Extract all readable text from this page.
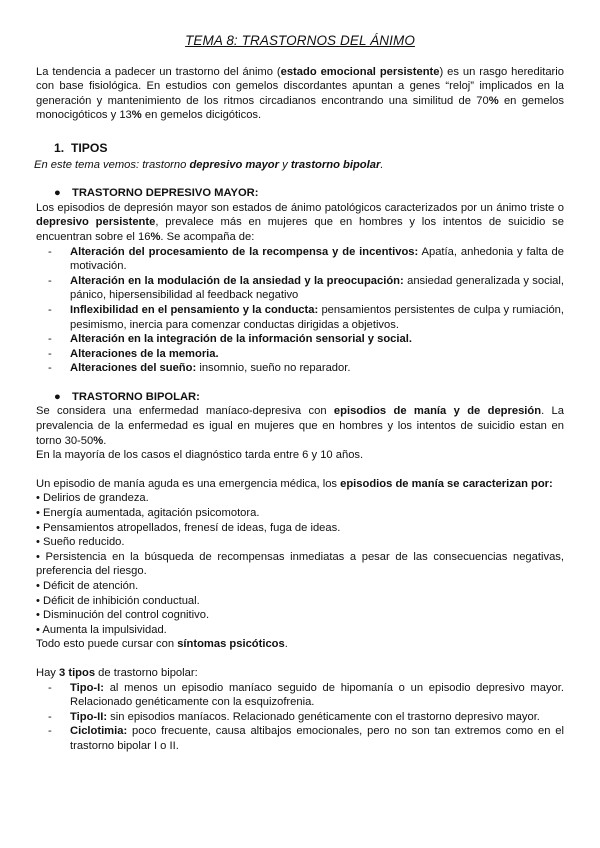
TEMA 8: TRASTORNOS DEL ÁNIMO

La tendencia a padecer un trastorno del ánimo (estado emocional persistente) es un rasgo hereditario con base fisiológica. En estudios con gemelos discordantes apuntan a genes “reloj” implicados en la generación y mantenimiento de los ritmos circadianos encontrando una similitud de 70% en gemelos monocigóticos y 13% en gemelos dicigóticos.

1. TIPOS

En este tema vemos: trastorno depresivo mayor y trastorno bipolar.

● TRASTORNO DEPRESIVO MAYOR:

Los episodios de depresión mayor son estados de ánimo patológicos caracterizados por un ánimo triste o depresivo persistente, prevalece más en mujeres que en hombres y los intentos de suicidio se encuentran sobre el 16%. Se acompaña de:

- Alteración del procesamiento de la recompensa y de incentivos: Apatía, anhedonia y falta de motivación.
- Alteración en la modulación de la ansiedad y la preocupación: ansiedad generalizada y social, pánico, hipersensibilidad al feedback negativo
- Inflexibilidad en el pensamiento y la conducta: pensamientos persistentes de culpa y rumiación, pesimismo, inercia para comenzar conductas dirigidas a objetivos.
- Alteración en la integración de la información sensorial y social.
- Alteraciones de la memoria.
- Alteraciones del sueño: insomnio, sueño no reparador.
● TRASTORNO BIPOLAR:

Se considera una enfermedad maníaco-depresiva con episodios de manía y de depresión. La prevalencia de la enfermedad es igual en mujeres que en hombres y los intentos de suicidio estan en torno 30-50%.

En la mayoría de los casos el diagnóstico tarda entre 6 y 10 años.

Un episodio de manía aguda es una emergencia médica, los episodios de manía se caracterizan por:

• Delirios de grandeza.

• Energía aumentada, agitación psicomotora.

• Pensamientos atropellados, frenesí de ideas, fuga de ideas.

• Sueño reducido.

• Persistencia en la búsqueda de recompensas inmediatas a pesar de las consecuencias negativas, preferencia del riesgo.

• Déficit de atención.

• Déficit de inhibición conductual.

• Disminución del control cognitivo.

• Aumenta la impulsividad.

Todo esto puede cursar con síntomas psicóticos.

Hay 3 tipos de trastorno bipolar:

- Tipo-I: al menos un episodio maníaco seguido de hipomanía o un episodio depresivo mayor. Relacionado genéticamente con la esquizofrenia.
- Tipo-II: sin episodios maníacos. Relacionado genéticamente con el trastorno depresivo mayor.
- Ciclotimia: poco frecuente, causa altibajos emocionales, pero no son tan extremos como en el trastorno bipolar I o II.
